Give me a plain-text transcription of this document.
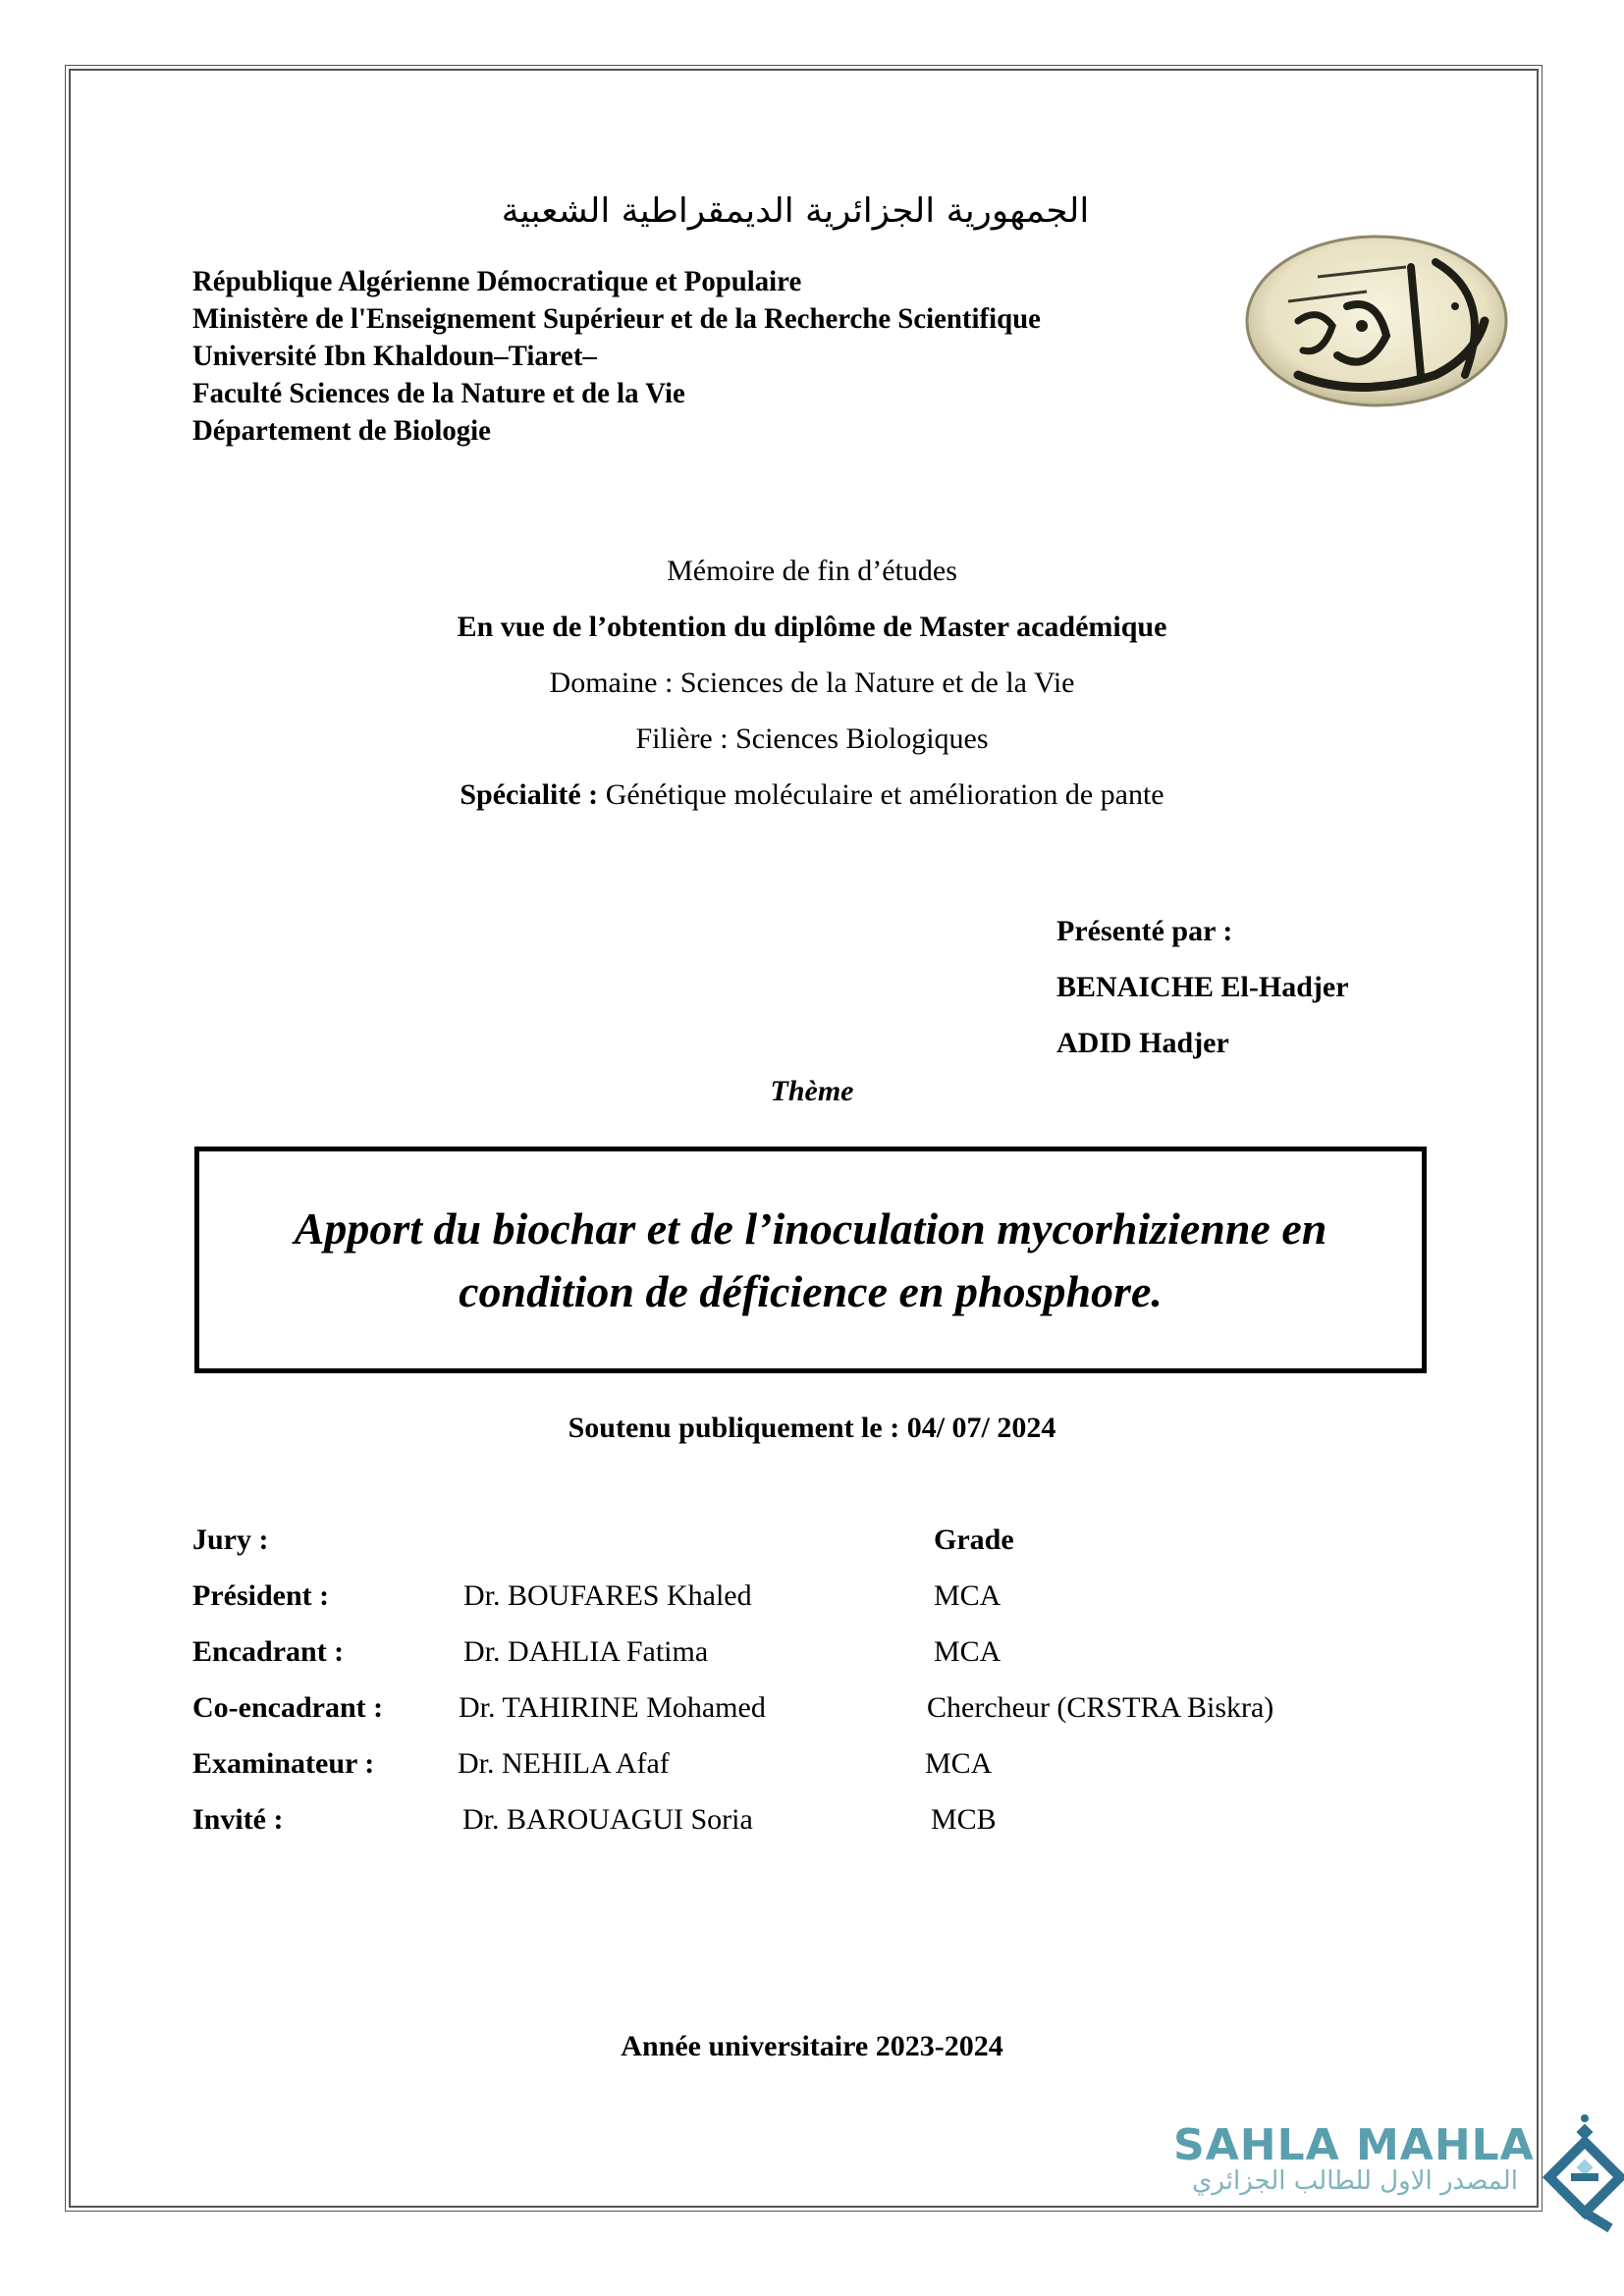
الجمهورية الجزائرية الديمقراطية الشعبية
République Algérienne Démocratique et Populaire
Ministère de l'Enseignement Supérieur et de la Recherche Scientifique
Université Ibn Khaldoun–Tiaret–
Faculté Sciences de la Nature et de la Vie
Département de Biologie
Mémoire de fin d’études
En vue de l’obtention du diplôme de Master académique
Domaine : Sciences de la Nature et de la Vie
Filière : Sciences Biologiques
Spécialité : Génétique moléculaire et amélioration de pante
Présenté par :
BENAICHE El-Hadjer
ADID Hadjer
Thème
Apport du biochar et de l’inoculation mycorhizienne en
condition de déficience en phosphore.
Soutenu publiquement le : 04/ 07/ 2024
Jury :	Grade
Président :	Dr. BOUFARES Khaled	MCA
Encadrant :	Dr. DAHLIA Fatima	MCA
Co-encadrant :	Dr. TAHIRINE Mohamed	Chercheur (CRSTRA Biskra)
Examinateur :	Dr. NEHILA Afaf	MCA
Invité :	Dr. BAROUAGUI Soria	MCB
Année universitaire 2023-2024
SAHLA MAHLA
المصدر الاول للطالب الجزائري
